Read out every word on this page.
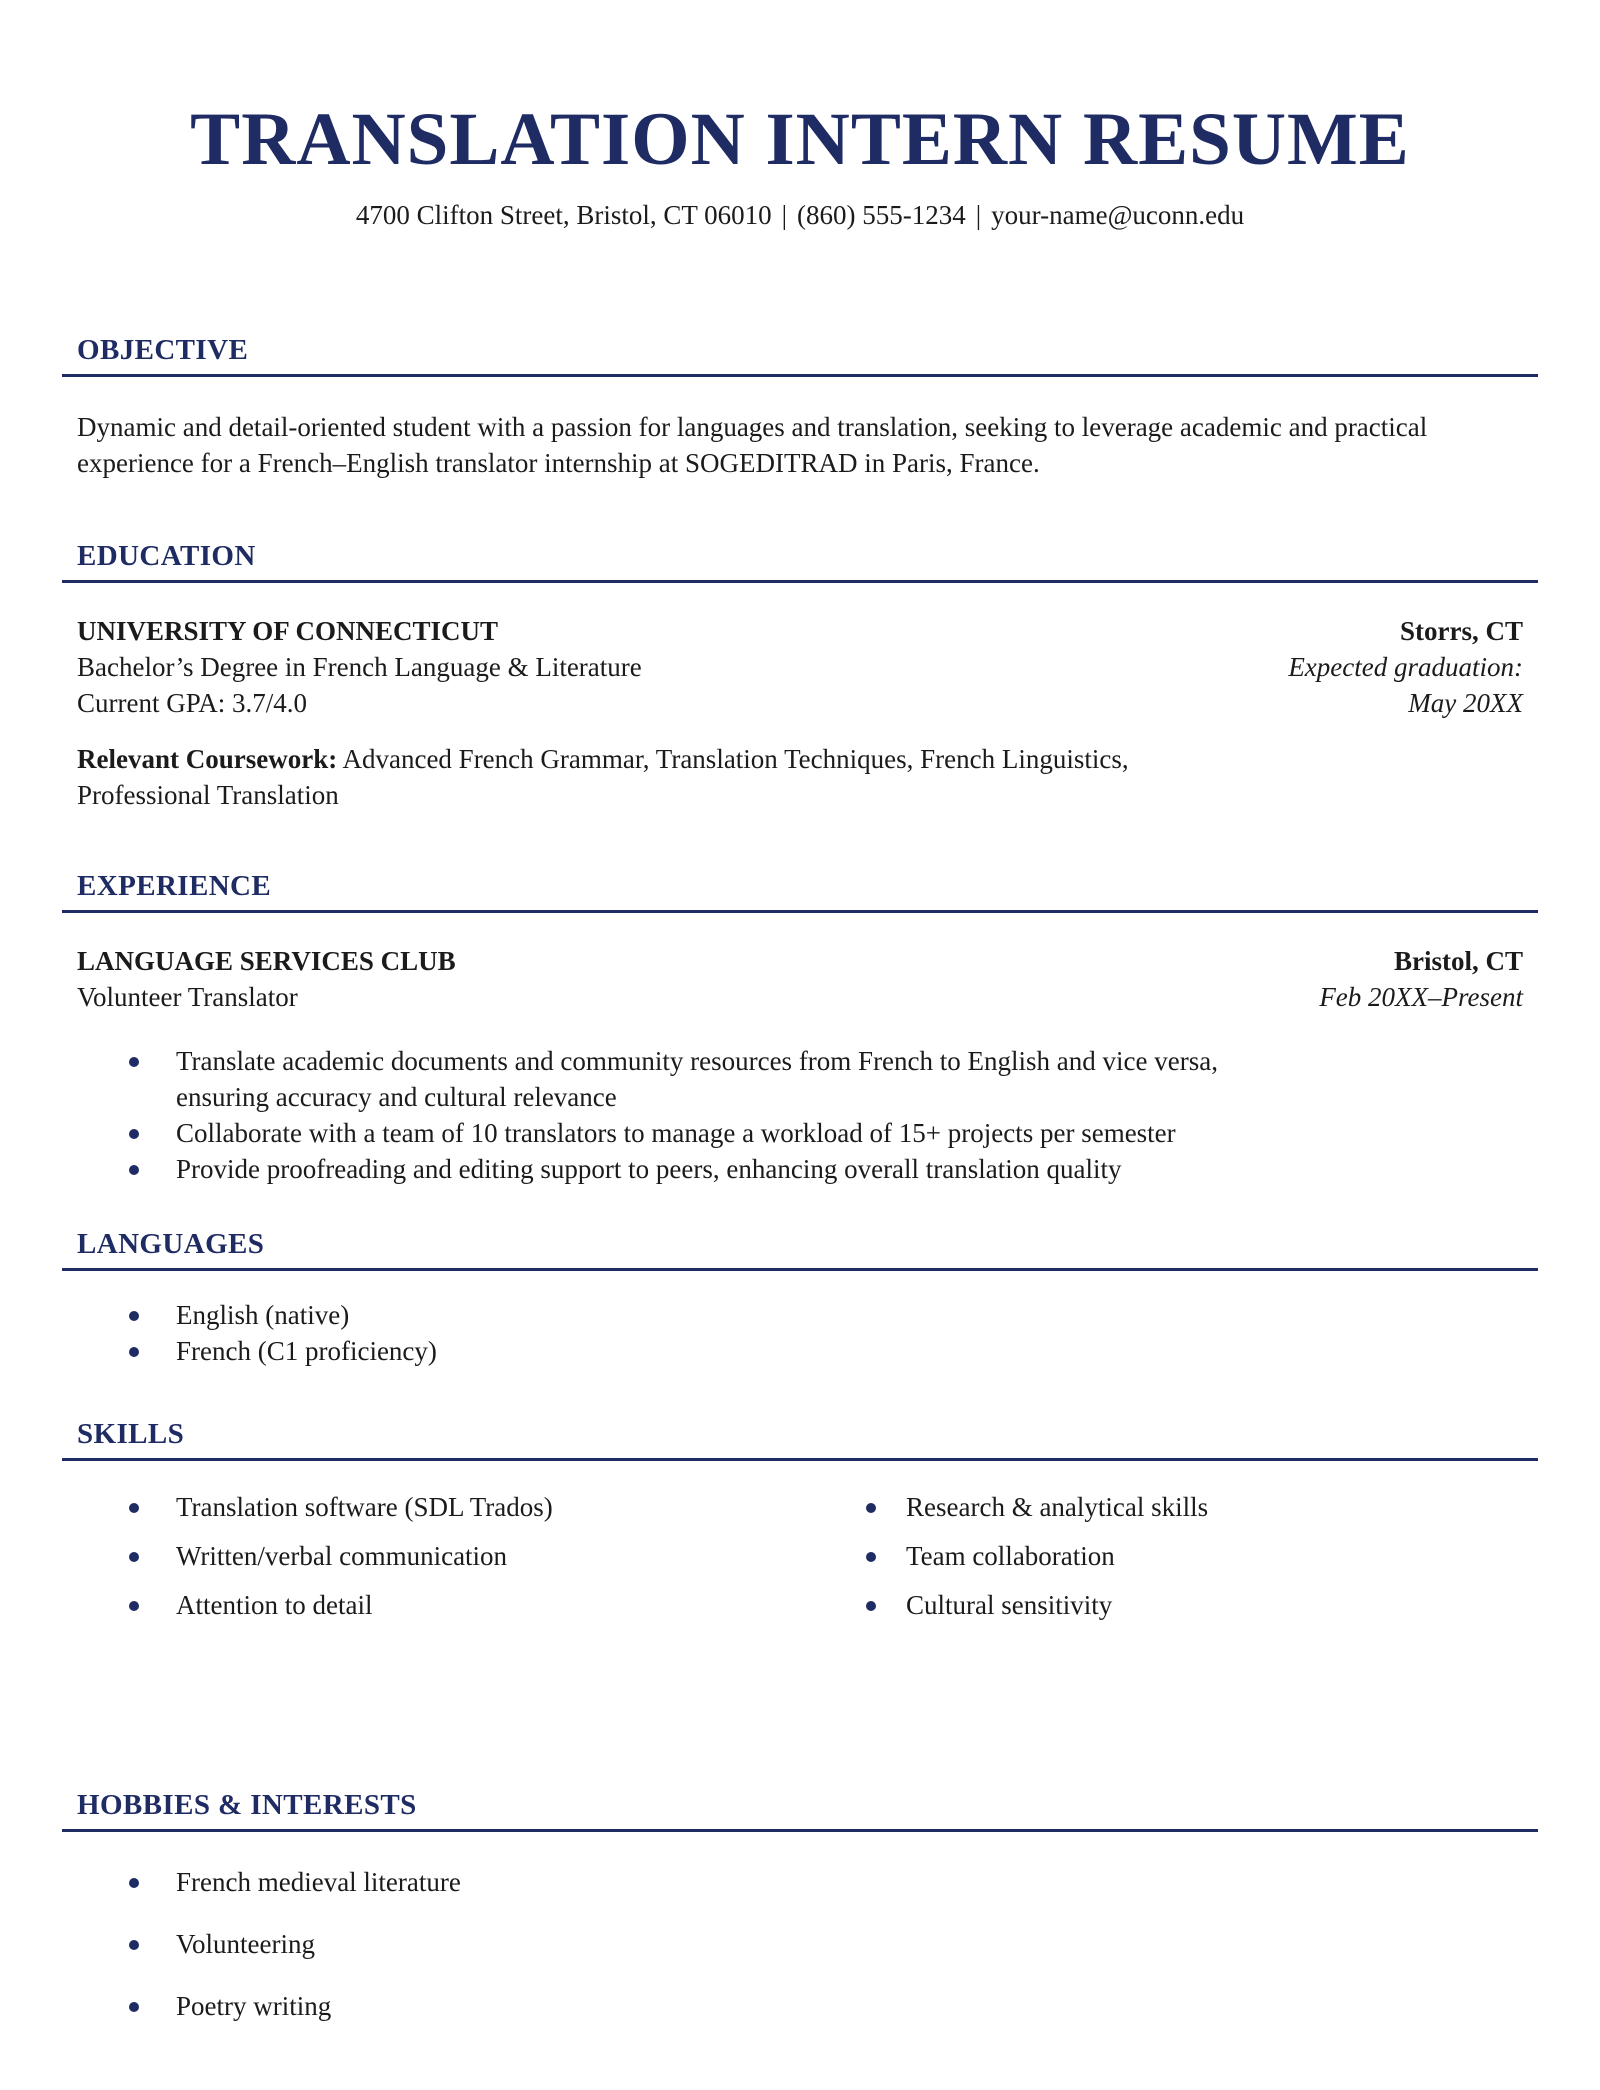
TRANSLATION INTERN RESUME
4700 Clifton Street, Bristol, CT 06010 | (860) 555-1234 | your-name@uconn.edu
OBJECTIVE

Dynamic and detail-oriented student with a passion for languages and translation, seeking to leverage academic and practical experience for a French–English translator internship at SOGEDITRAD in Paris, France.

EDUCATION
UNIVERSITY OF CONNECTICUT	Storrs, CT
Bachelor’s Degree in French Language & Literature	Expected graduation:
Current GPA: 3.7/4.0	May 20XX

Relevant Coursework: Advanced French Grammar, Translation Techniques, French Linguistics, Professional Translation

EXPERIENCE
LANGUAGE SERVICES CLUB	Bristol, CT
Volunteer Translator	Feb 20XX–Present
Translate academic documents and community resources from French to English and vice versa, ensuring accuracy and cultural relevance
Collaborate with a team of 10 translators to manage a workload of 15+ projects per semester
Provide proofreading and editing support to peers, enhancing overall translation quality
LANGUAGES
English (native)
French (C1 proficiency)
SKILLS
Translation software (SDL Trados)
Written/verbal communication
Attention to detail
Research & analytical skills
Team collaboration
Cultural sensitivity
HOBBIES & INTERESTS
French medieval literature
Volunteering
Poetry writing
